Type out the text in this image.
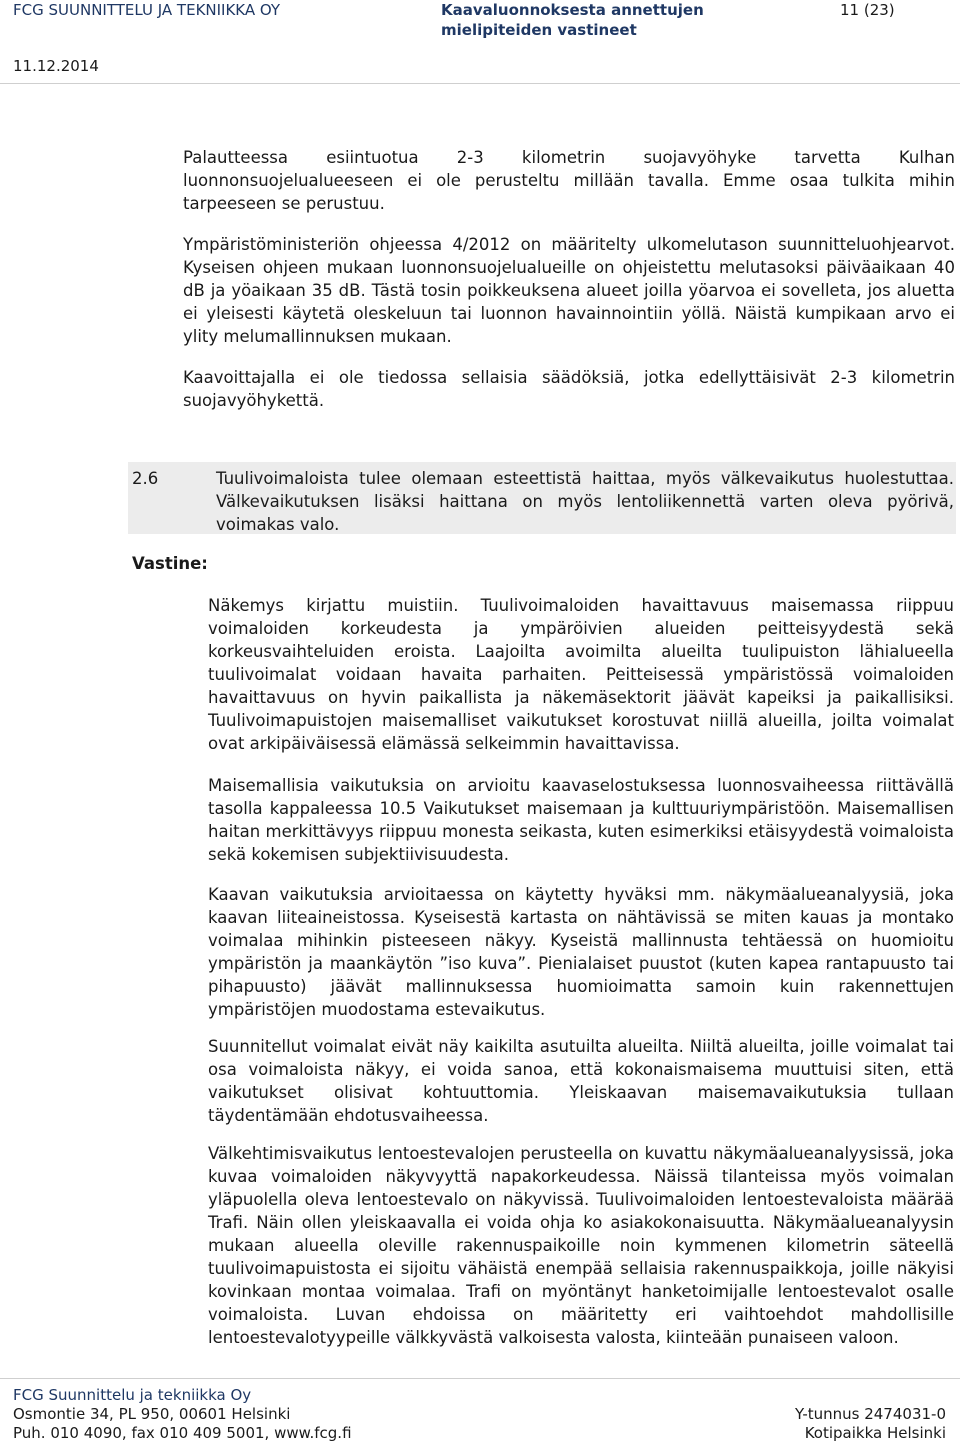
FCG SUUNNITTELU JA TEKNIIKKA OY	Kaavaluonnoksesta annettujen
mielipiteiden vastineet
11 (23)
11.12.2014

Palautteessa esiintuotua 2-3 kilometrin suojavyöhyke tarvetta Kulhan luonnonsuojelualueeseen ei ole perusteltu millään tavalla. Emme osaa tulkita mihin tarpeeseen se perustuu.

Ympäristöministeriön ohjeessa 4/2012 on määritelty ulkomelutason suunnitteluohjearvot. Kyseisen ohjeen mukaan luonnonsuojelualueille on ohjeistettu melutasoksi päiväaikaan 40 dB ja yöaikaan 35 dB. Tästä tosin poikkeuksena alueet joilla yöarvoa ei sovelleta, jos aluetta ei yleisesti käytetä oleskeluun tai luonnon havainnointiin yöllä. Näistä kumpikaan arvo ei ylity melumallinnuksen mukaan.

Kaavoittajalla ei ole tiedossa sellaisia säädöksiä, jotka edellyttäisivät 2-3 kilometrin suojavyöhykettä.

2.6	Tuulivoimaloista tulee olemaan esteettistä haittaa, myös välkevaikutus huolestuttaa. Välkevaikutuksen lisäksi haittana on myös lentoliikennettä varten oleva pyörivä, voimakas valo.

Vastine:

Näkemys kirjattu muistiin. Tuulivoimaloiden havaittavuus maisemassa riippuu voimaloiden korkeudesta ja ympäröivien alueiden peitteisyydestä sekä korkeusvaihteluiden eroista. Laajoilta avoimilta alueilta tuulipuiston lähialueella tuulivoimalat voidaan havaita parhaiten. Peitteisessä ympäristössä voimaloiden havaittavuus on hyvin paikallista ja näkemäsektorit jäävät kapeiksi ja paikallisiksi. Tuulivoimapuistojen maisemalliset vaikutukset korostuvat niillä alueilla, joilta voimalat ovat arkipäiväisessä elämässä selkeimmin havaittavissa.

Maisemallisia vaikutuksia on arvioitu kaavaselostuksessa luonnosvaiheessa riittävällä tasolla kappaleessa 10.5 Vaikutukset maisemaan ja kulttuuriympäristöön. Maisemallisen haitan merkittävyys riippuu monesta seikasta, kuten esimerkiksi etäisyydestä voimaloista sekä kokemisen subjektiivisuudesta.

Kaavan vaikutuksia arvioitaessa on käytetty hyväksi mm. näkymäalueanalyysiä, joka kaavan liiteaineistossa. Kyseisestä kartasta on nähtävissä se miten kauas ja montako voimalaa mihinkin pisteeseen näkyy. Kyseistä mallinnusta tehtäessä on huomioitu ympäristön ja maankäytön ”iso kuva”. Pienialaiset puustot (kuten kapea rantapuusto tai pihapuusto) jäävät mallinnuksessa huomioimatta samoin kuin rakennettujen ympäristöjen muodostama estevaikutus.

Suunnitellut voimalat eivät näy kaikilta asutuilta alueilta. Niiltä alueilta, joille voimalat tai osa voimaloista näkyy, ei voida sanoa, että kokonaismaisema muuttuisi siten, että vaikutukset olisivat kohtuuttomia. Yleiskaavan maisemavaikutuksia tullaan täydentämään ehdotusvaiheessa.

Välkehtimisvaikutus lentoestevalojen perusteella on kuvattu näkymäalueanalyysissä, joka kuvaa voimaloiden näkyvyyttä napakorkeudessa. Näissä tilanteissa myös voimalan yläpuolella oleva lentoestevalo on näkyvissä. Tuulivoimaloiden lentoestevaloista määrää Trafi. Näin ollen yleiskaavalla ei voida ohja ko asiakokonaisuutta. Näkymäalueanalyysin mukaan alueella oleville rakennuspaikoille noin kymmenen kilometrin säteellä tuulivoimapuistosta ei sijoitu vähäistä enempää sellaisia rakennuspaikkoja, joille näkyisi kovinkaan montaa voimalaa. Trafi on myöntänyt hanketoimijalle lentoestevalot osalle voimaloista. Luvan ehdoissa on määritetty eri vaihtoehdot mahdollisille lentoestevalotyypeille välkkyvästä valkoisesta valosta, kiinteään punaiseen valoon.

FCG Suunnittelu ja tekniikka Oy
Osmontie 34, PL 950, 00601 Helsinki
Puh. 010 4090, fax 010 409 5001, www.fcg.fi
Y-tunnus 2474031-0
Kotipaikka Helsinki
